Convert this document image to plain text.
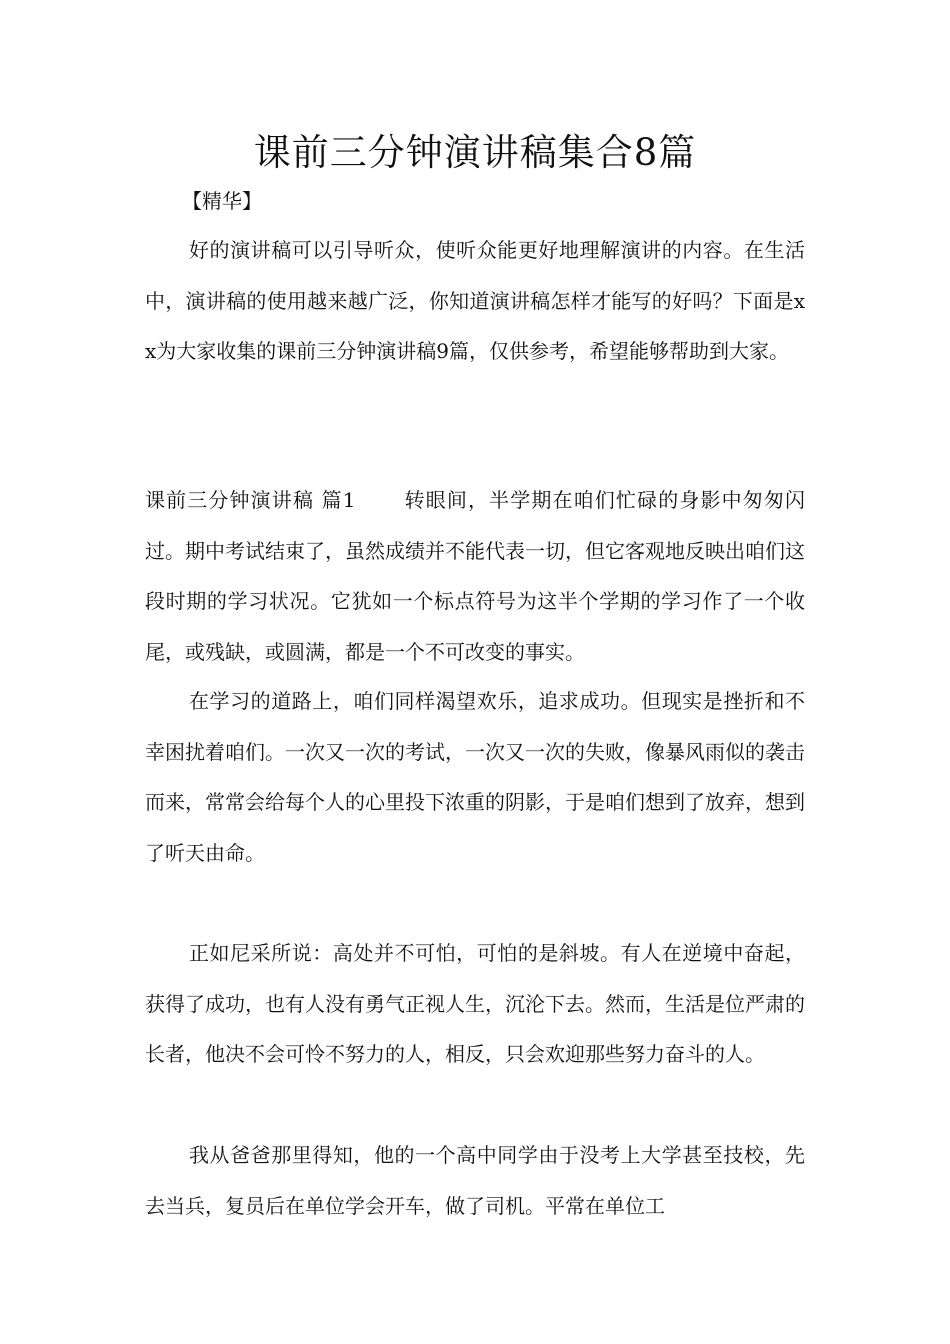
课前三分钟演讲稿集合8篇

【精华】

好的演讲稿可以引导听众，使听众能更好地理解演讲的内容。在生活中，演讲稿的使用越来越广泛，你知道演讲稿怎样才能写的好吗？下面是xx为大家收集的课前三分钟演讲稿9篇，仅供参考，希望能够帮助到大家。

课前三分钟演讲稿 篇1 转眼间，半学期在咱们忙碌的身影中匆匆闪过。期中考试结束了，虽然成绩并不能代表一切，但它客观地反映出咱们这段时期的学习状况。它犹如一个标点符号为这半个学期的学习作了一个收尾，或残缺，或圆满，都是一个不可改变的事实。

在学习的道路上，咱们同样渴望欢乐，追求成功。但现实是挫折和不幸困扰着咱们。一次又一次的考试，一次又一次的失败，像暴风雨似的袭击而来，常常会给每个人的心里投下浓重的阴影，于是咱们想到了放弃，想到了听天由命。

正如尼采所说：高处并不可怕，可怕的是斜坡。有人在逆境中奋起，获得了成功，也有人没有勇气正视人生，沉沦下去。然而，生活是位严肃的长者，他决不会可怜不努力的人，相反，只会欢迎那些努力奋斗的人。

我从爸爸那里得知，他的一个高中同学由于没考上大学甚至技校，先去当兵，复员后在单位学会开车，做了司机。平常在单位工
